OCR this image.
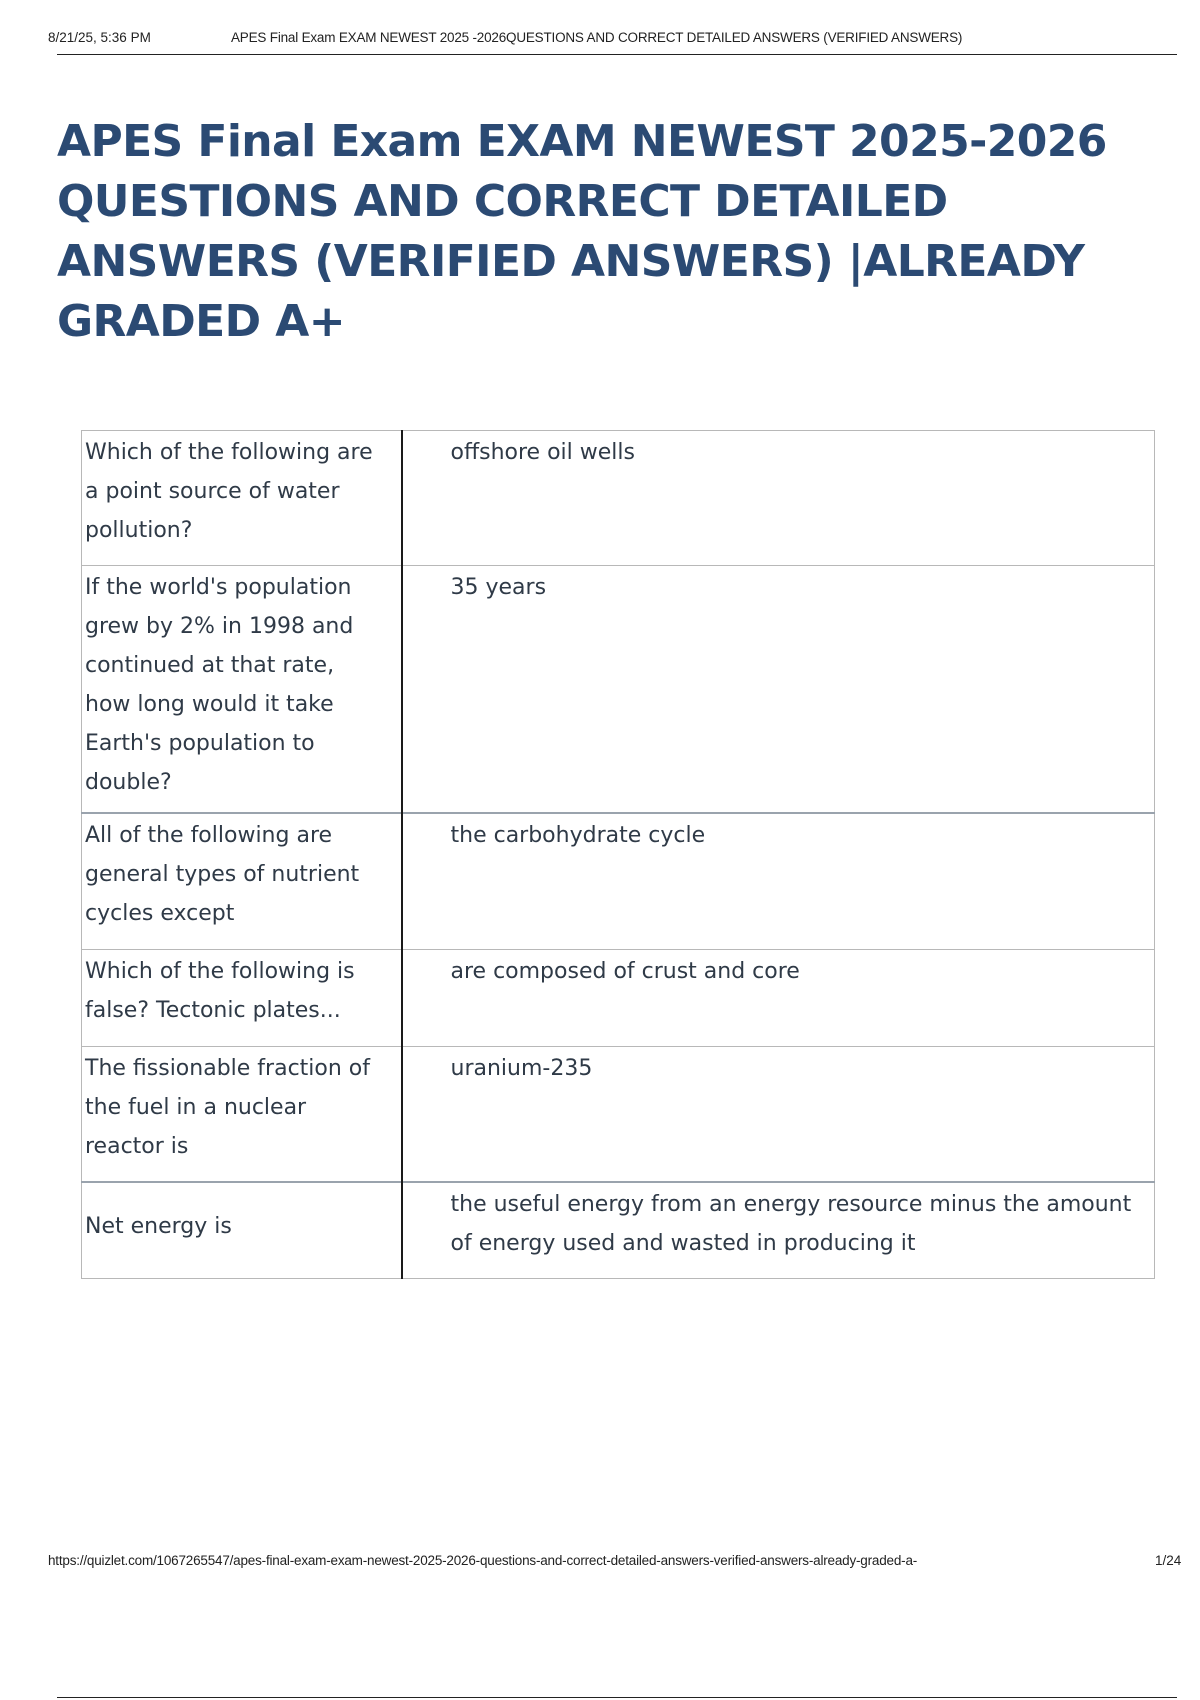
8/21/25, 5:36 PM	APES Final Exam EXAM NEWEST 2025 -2026QUESTIONS AND CORRECT DETAILED ANSWERS (VERIFIED ANSWERS)
APES Final Exam EXAM NEWEST 2025-2026 QUESTIONS AND CORRECT DETAILED ANSWERS (VERIFIED ANSWERS) |ALREADY GRADED A+
Which of the following are a point source of water pollution?	offshore oil wells
If the world's population grew by 2% in 1998 and continued at that rate, how long would it take Earth's population to double?	35 years
All of the following are general types of nutrient cycles except	the carbohydrate cycle
Which of the following is false? Tectonic plates...	are composed of crust and core
The fissionable fraction of the fuel in a nuclear reactor is	uranium-235
Net energy is	the useful energy from an energy resource minus the amount of energy used and wasted in producing it
https://quizlet.com/1067265547/apes-final-exam-exam-newest-2025-2026-questions-and-correct-detailed-answers-verified-answers-already-graded-a-	1/24
